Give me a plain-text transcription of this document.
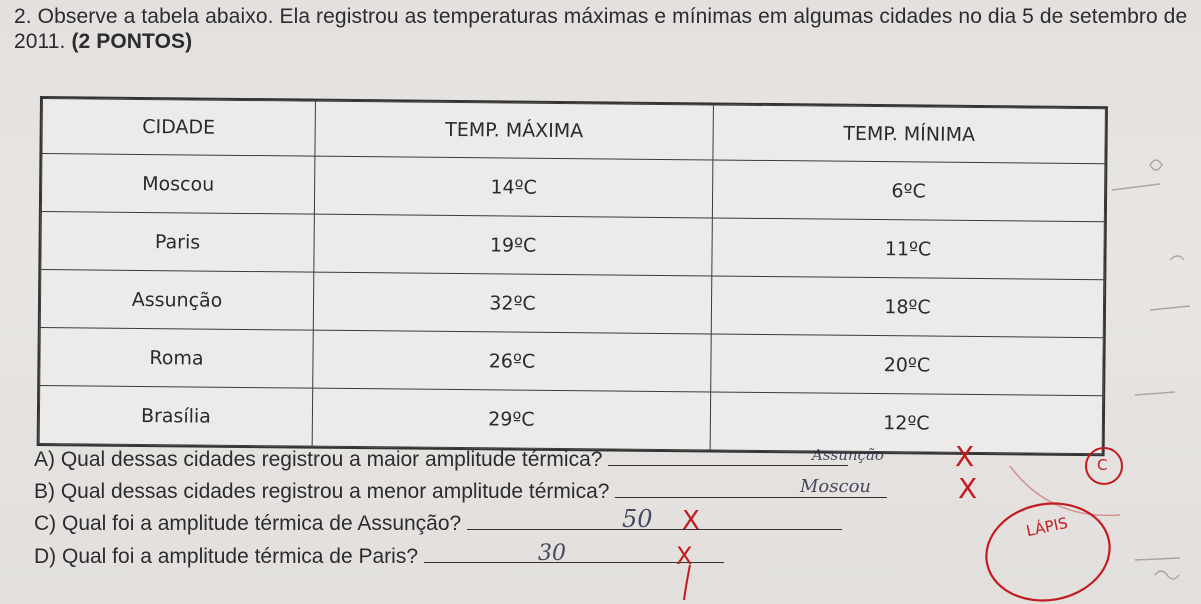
2. Observe a tabela abaixo. Ela registrou as temperaturas máximas e mínimas em algumas cidades no dia 5 de setembro de 2011. (2 PONTOS)
CIDADE	TEMP. MÁXIMA	TEMP. MÍNIMA
Moscou	14ºC	6ºC
Paris	19ºC	11ºC
Assunção	32ºC	18ºC
Roma	26ºC	20ºC
Brasília	29ºC	12ºC
A) Qual dessas cidades registrou a maior amplitude térmica?
B) Qual dessas cidades registrou a menor amplitude térmica?
C) Qual foi a amplitude térmica de Assunção?
D) Qual foi a amplitude térmica de Paris?
Assunção
Moscou
50
30
X
X
X
X
C
LÁPIS
